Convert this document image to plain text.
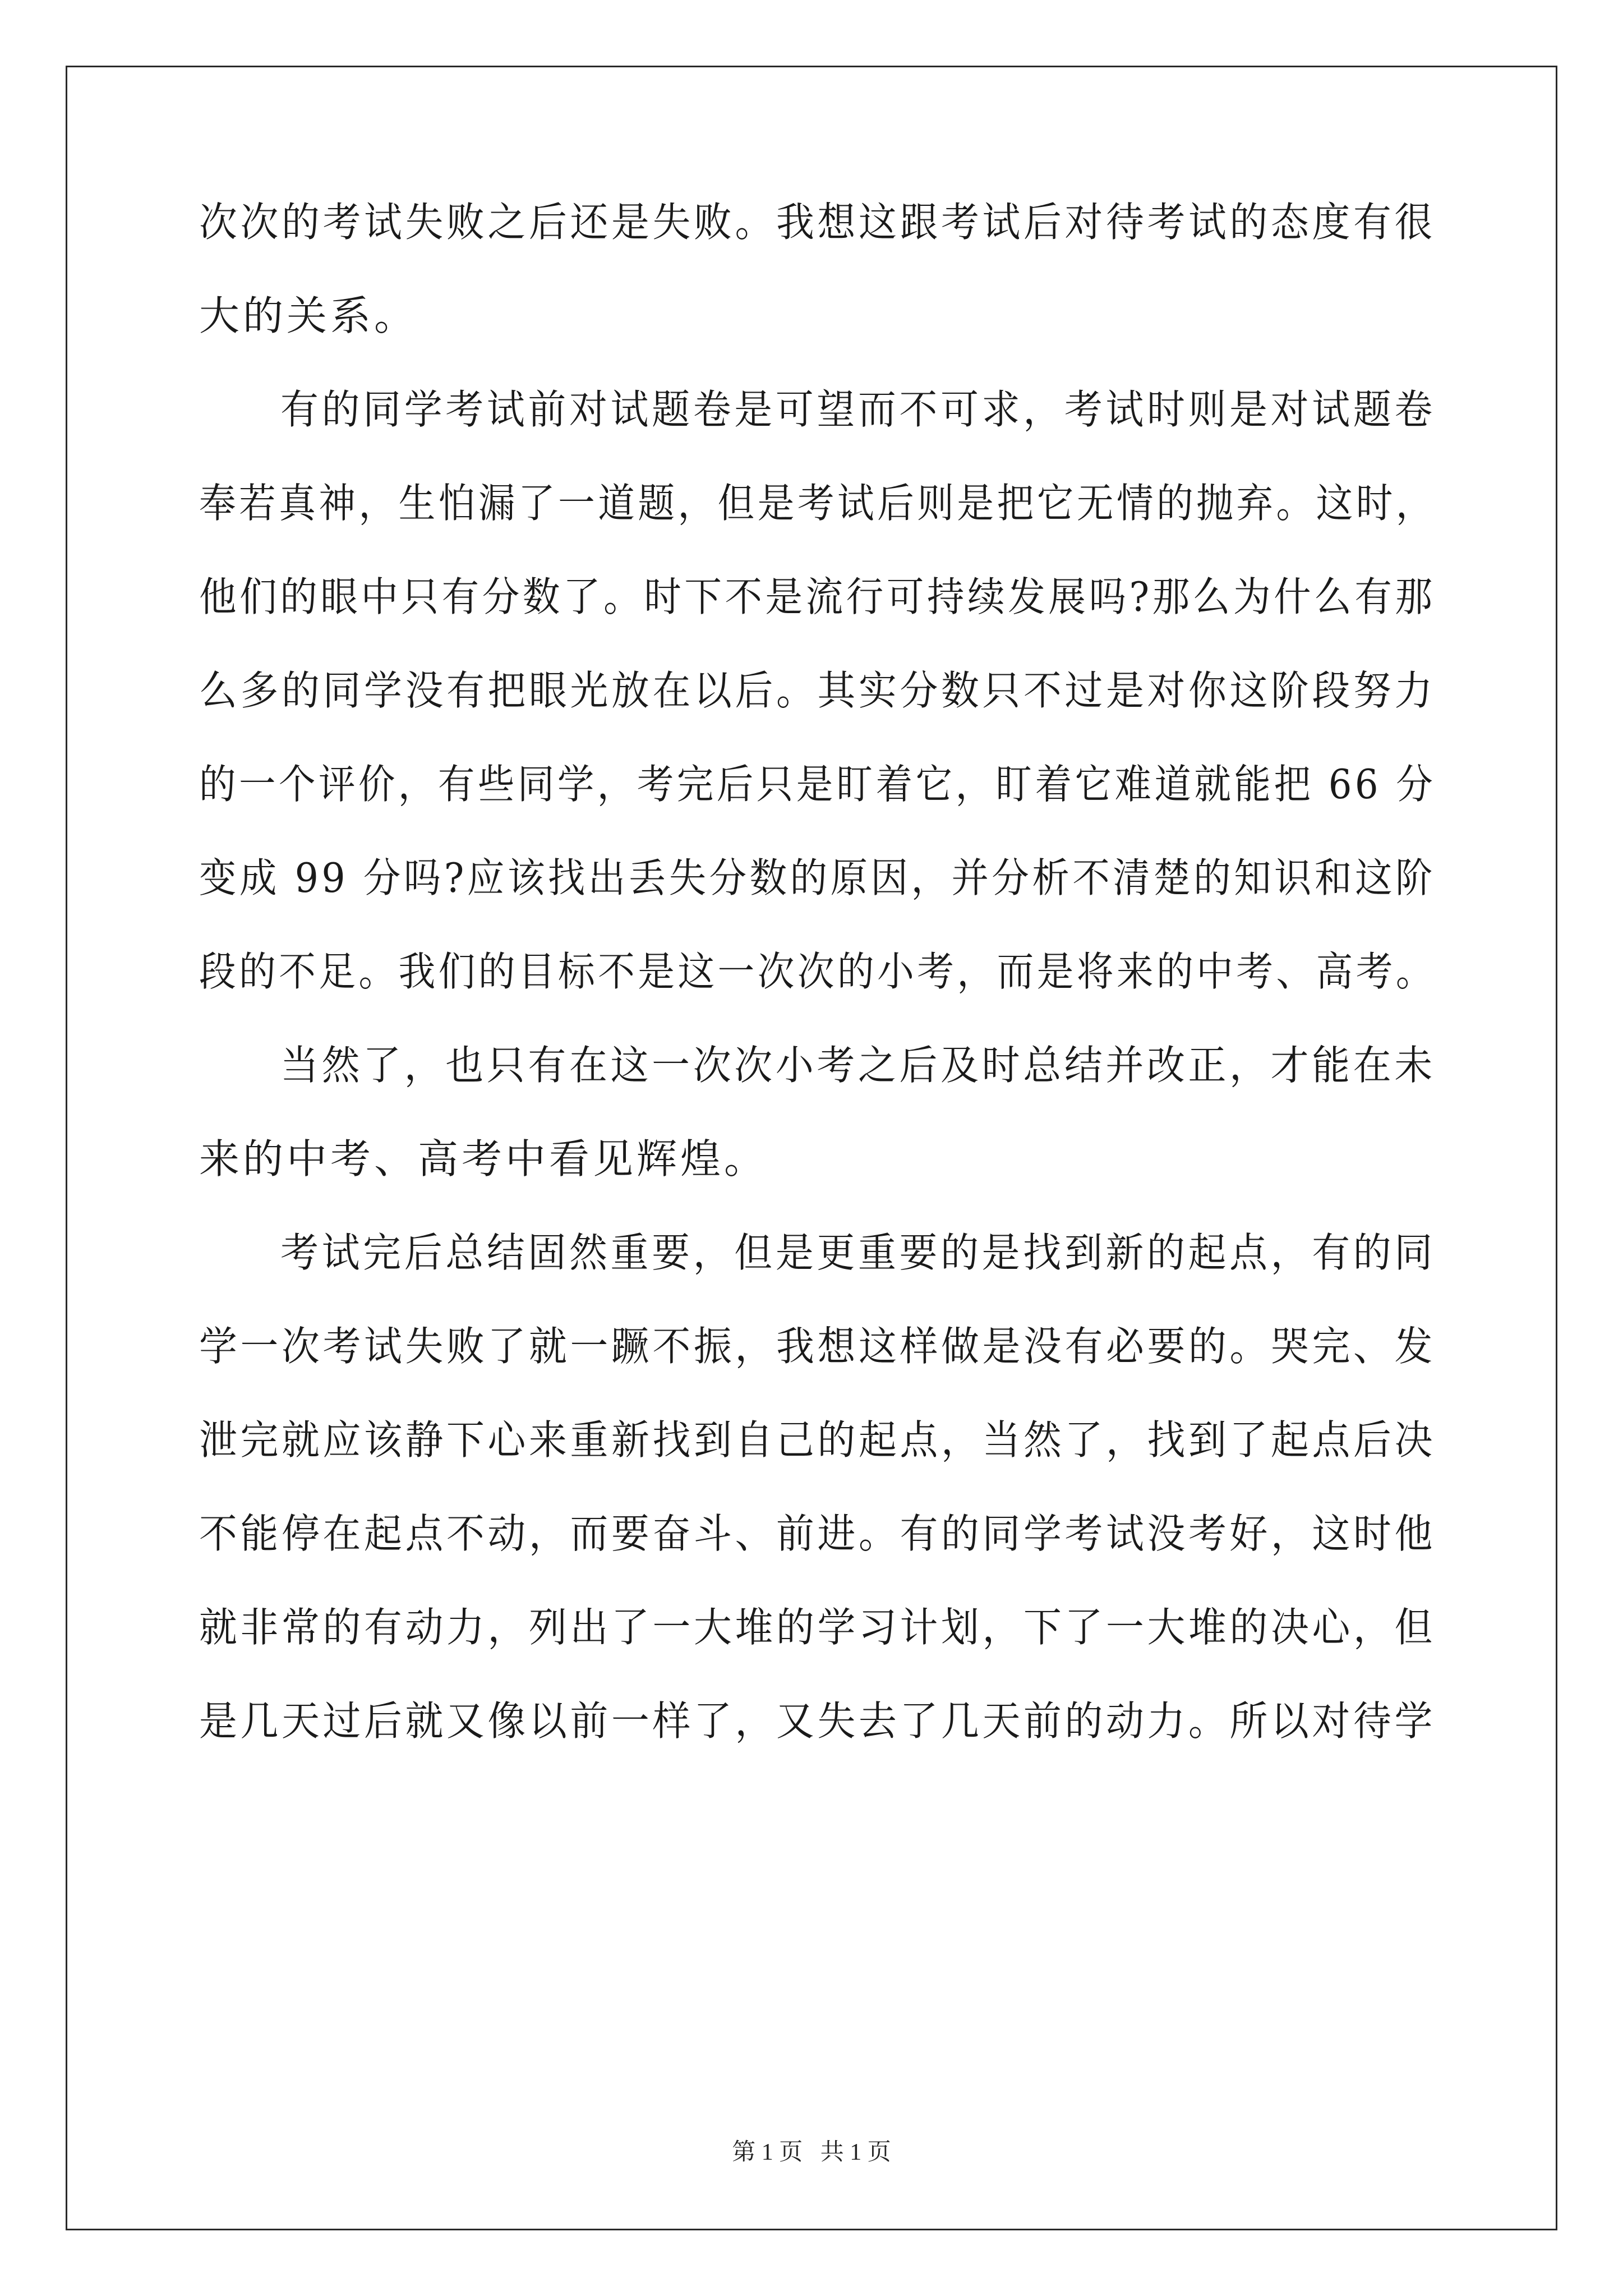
次次的考试失败之后还是失败。我想这跟考试后对待考试的态度有很
大的关系。
有的同学考试前对试题卷是可望而不可求，考试时则是对试题卷
奉若真神，生怕漏了一道题，但是考试后则是把它无情的抛弃。这时，
他们的眼中只有分数了。时下不是流行可持续发展吗?那么为什么有那
么多的同学没有把眼光放在以后。其实分数只不过是对你这阶段努力
的一个评价，有些同学，考完后只是盯着它，盯着它难道就能把 66 分
变成 99 分吗?应该找出丢失分数的原因，并分析不清楚的知识和这阶
段的不足。我们的目标不是这一次次的小考，而是将来的中考、高考。
当然了，也只有在这一次次小考之后及时总结并改正，才能在未
来的中考、高考中看见辉煌。
考试完后总结固然重要，但是更重要的是找到新的起点，有的同
学一次考试失败了就一蹶不振，我想这样做是没有必要的。哭完、发
泄完就应该静下心来重新找到自己的起点，当然了，找到了起点后决
不能停在起点不动，而要奋斗、前进。有的同学考试没考好，这时他
就非常的有动力，列出了一大堆的学习计划，下了一大堆的决心，但
是几天过后就又像以前一样了，又失去了几天前的动力。所以对待学
第 1 页   共 1 页
